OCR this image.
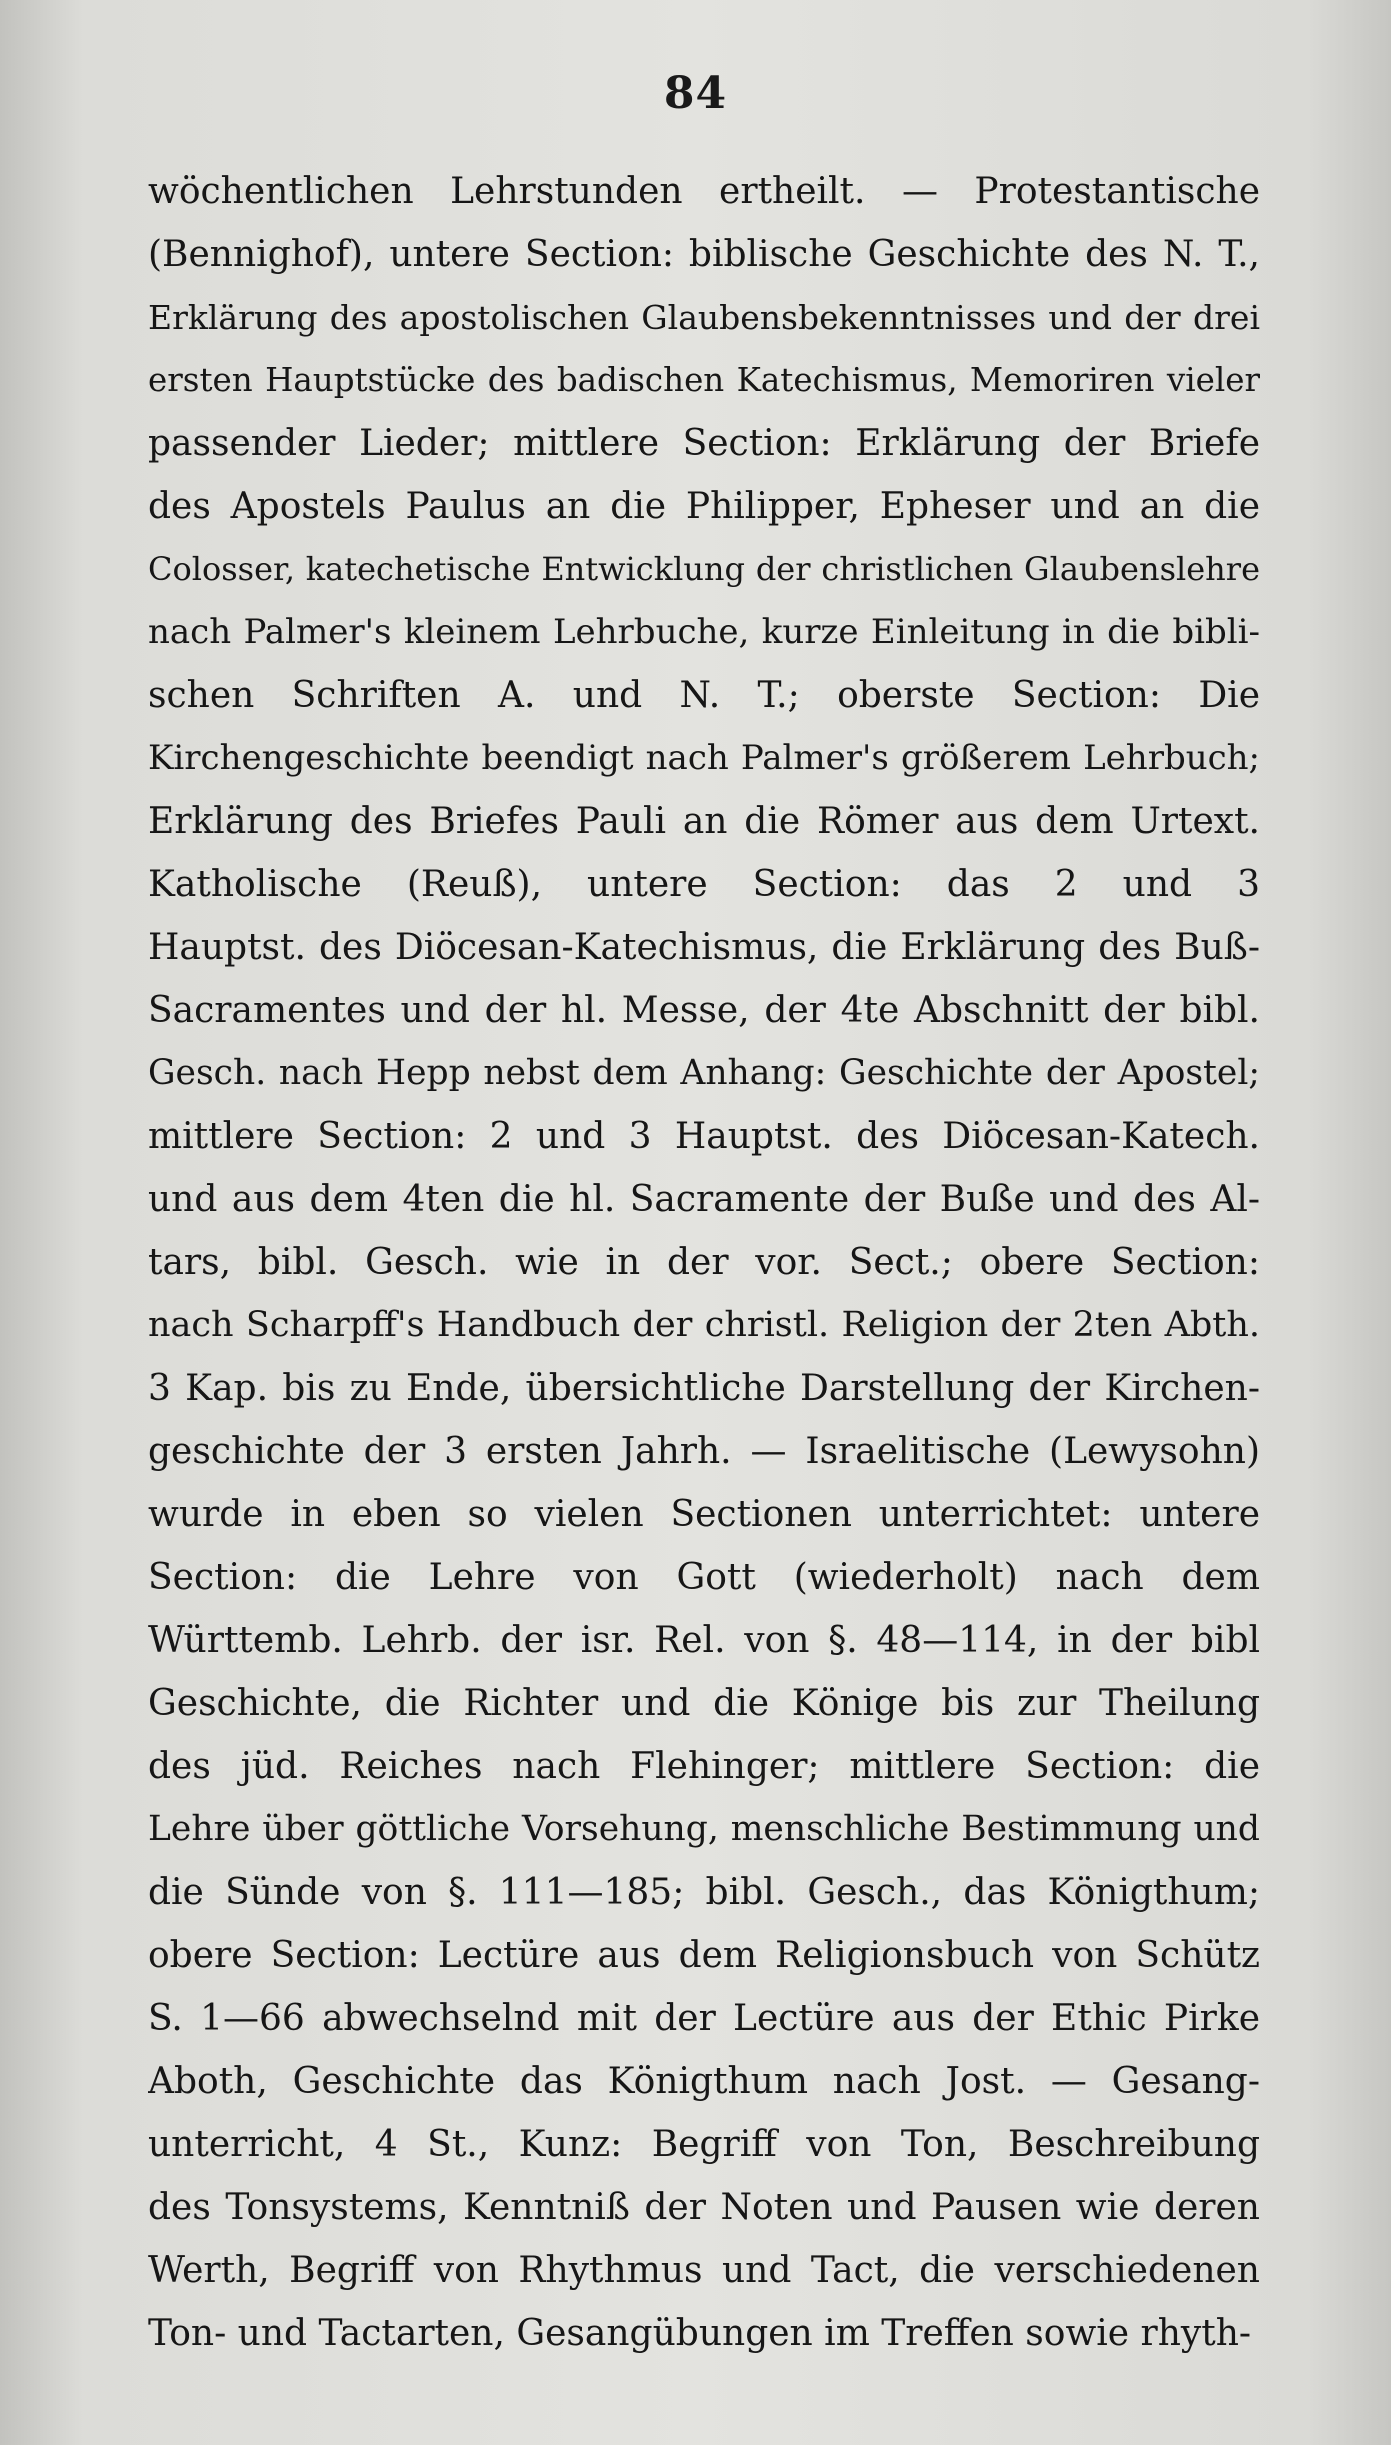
84
wöchentlichen Lehrstunden ertheilt. — Protestantische
(Bennighof), untere Section: biblische Geschichte des N. T.,
Erklärung des apostolischen Glaubensbekenntnisses und der drei
ersten Hauptstücke des badischen Katechismus, Memoriren vieler
passender Lieder; mittlere Section: Erklärung der Briefe
des Apostels Paulus an die Philipper, Epheser und an die
Colosser, katechetische Entwicklung der christlichen Glaubenslehre
nach Palmer's kleinem Lehrbuche, kurze Einleitung in die bibli-
schen Schriften A. und N. T.; oberste Section: Die
Kirchengeschichte beendigt nach Palmer's größerem Lehrbuch;
Erklärung des Briefes Pauli an die Römer aus dem Urtext.
Katholische (Reuß), untere Section: das 2 und 3
Hauptst. des Diöcesan-Katechismus, die Erklärung des Buß-
Sacramentes und der hl. Messe, der 4te Abschnitt der bibl.
Gesch. nach Hepp nebst dem Anhang: Geschichte der Apostel;
mittlere Section: 2 und 3 Hauptst. des Diöcesan-Katech.
und aus dem 4ten die hl. Sacramente der Buße und des Al-
tars, bibl. Gesch. wie in der vor. Sect.; obere Section:
nach Scharpff's Handbuch der christl. Religion der 2ten Abth.
3 Kap. bis zu Ende, übersichtliche Darstellung der Kirchen-
geschichte der 3 ersten Jahrh. — Israelitische (Lewysohn)
wurde in eben so vielen Sectionen unterrichtet: untere
Section: die Lehre von Gott (wiederholt) nach dem
Württemb. Lehrb. der isr. Rel. von §. 48—114, in der bibl
Geschichte, die Richter und die Könige bis zur Theilung
des jüd. Reiches nach Flehinger; mittlere Section: die
Lehre über göttliche Vorsehung, menschliche Bestimmung und
die Sünde von §. 111—185; bibl. Gesch., das Königthum;
obere Section: Lectüre aus dem Religionsbuch von Schütz
S. 1—66 abwechselnd mit der Lectüre aus der Ethic Pirke
Aboth, Geschichte das Königthum nach Jost. — Gesang-
unterricht, 4 St., Kunz: Begriff von Ton, Beschreibung
des Tonsystems, Kenntniß der Noten und Pausen wie deren
Werth, Begriff von Rhythmus und Tact, die verschiedenen
Ton- und Tactarten, Gesangübungen im Treffen sowie rhyth-
